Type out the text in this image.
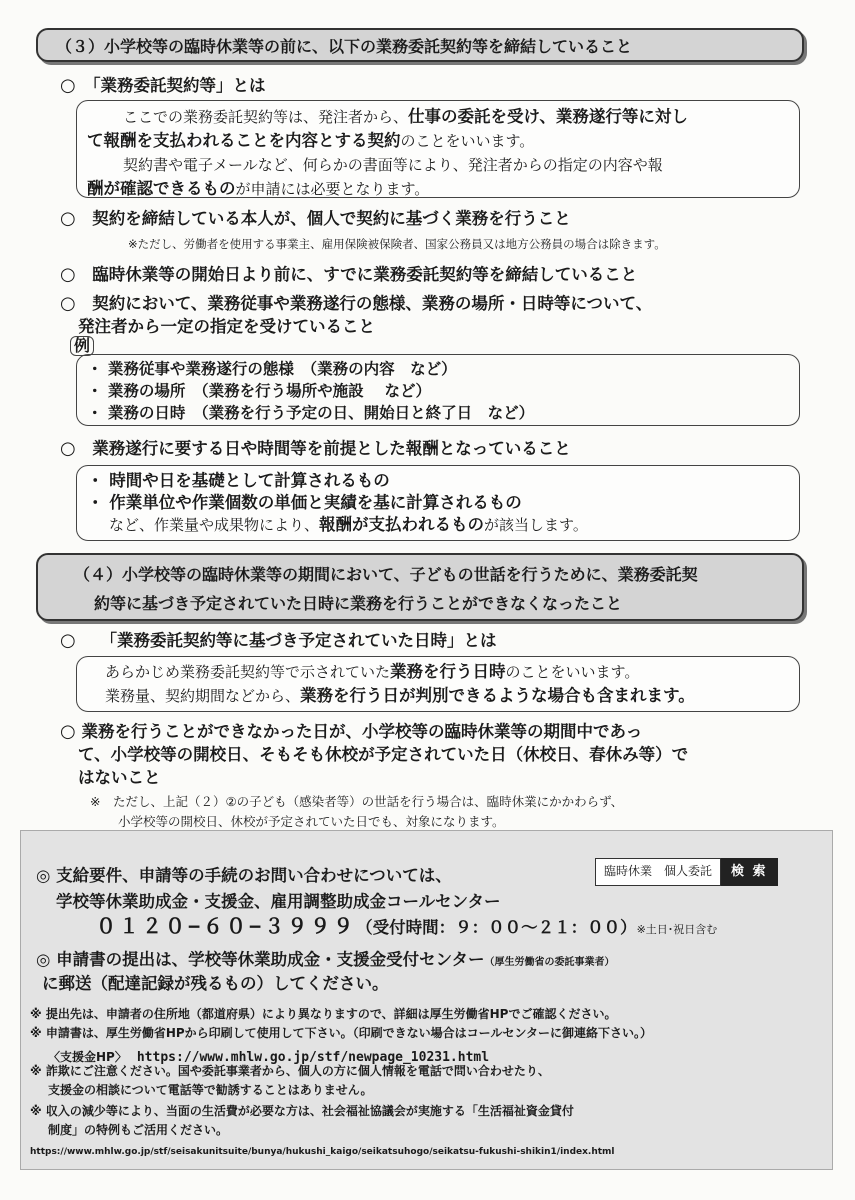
（３）小学校等の臨時休業等の前に、以下の業務委託契約等を締結していること
○　 「業務委託契約等」とは
ここでの業務委託契約等は、発注者から、仕事の委託を受け、業務遂行等に対し
て報酬を支払われることを内容とする契約のことをいいます。
契約書や電子メールなど、何らかの書面等により、発注者からの指定の内容や報
酬が確認できるものが申請には必要となります。
○　 契約を締結している本人が、個人で契約に基づく業務を行うこと
※ただし、労働者を使用する事業主、雇用保険被保険者、国家公務員又は地方公務員の場合は除きます。
○　 臨時休業等の開始日より前に、すでに業務委託契約等を締結していること
○　 契約において、業務従事や業務遂行の態様、業務の場所・日時等について、
発注者から一定の指定を受けていること
例
・ 業務従事や業務遂行の態様　（業務の内容　など）
・ 業務の場所　（業務を行う場所や施設　 など）
・ 業務の日時　（業務を行う予定の日、開始日と終了日　など）
○　 業務遂行に要する日や時間等を前提とした報酬となっていること
・ 時間や日を基礎として計算されるもの
・ 作業単位や作業個数の単価と実績を基に計算されるもの
など、作業量や成果物により、報酬が支払われるものが該当します。
（４）小学校等の臨時休業等の期間において、子どもの世話を行うために、業務委託契
約等に基づき予定されていた日時に業務を行うことができなくなったこと
○　　 「業務委託契約等に基づき予定されていた日時」とは
あらかじめ業務委託契約等で示されていた業務を行う日時のことをいいます。
業務量、契約期間などから、業務を行う日が判別できるような場合も含まれます。
○ 業務を行うことができなかった日が、小学校等の臨時休業等の期間中であっ
て、小学校等の開校日、そもそも休校が予定されていた日（休校日、春休み等）で
はないこと
※　ただし、上記（２）②の子ども（感染者等）の世話を行う場合は、臨時休業にかかわらず、
小学校等の開校日、休校が予定されていた日でも、対象になります。
◎ 支給要件、申請等の手続のお問い合わせについては、	臨時休業　個人委託	検 索
学校等休業助成金・支援金、雇用調整助成金コールセンター
０１２０−６０−３９９９（受付時間：９：００〜２１：００）※土日･祝日含む
◎ 申請書の提出は、学校等休業助成金・支援金受付センター（厚生労働省の委託事業者）
に郵送（配達記録が残るもの）してください。
※ 提出先は、申請者の住所地（都道府県）により異なりますので、詳細は厚生労働省HPでご確認ください。
※ 申請書は、厚生労働省HPから印刷して使用して下さい。（印刷できない場合はコールセンターに御連絡下さい。）
〈支援金HP〉　 https://www.mhlw.go.jp/stf/newpage_10231.html
※ 詐欺にご注意ください。国や委託事業者から、個人の方に個人情報を電話で問い合わせたり、
支援金の相談について電話等で勧誘することはありません。
※ 収入の減少等により、当面の生活費が必要な方は、社会福祉協議会が実施する「生活福祉資金貸付
制度」の特例もご活用ください。
https://www.mhlw.go.jp/stf/seisakunitsuite/bunya/hukushi_kaigo/seikatsuhogo/seikatsu-fukushi-shikin1/index.html
